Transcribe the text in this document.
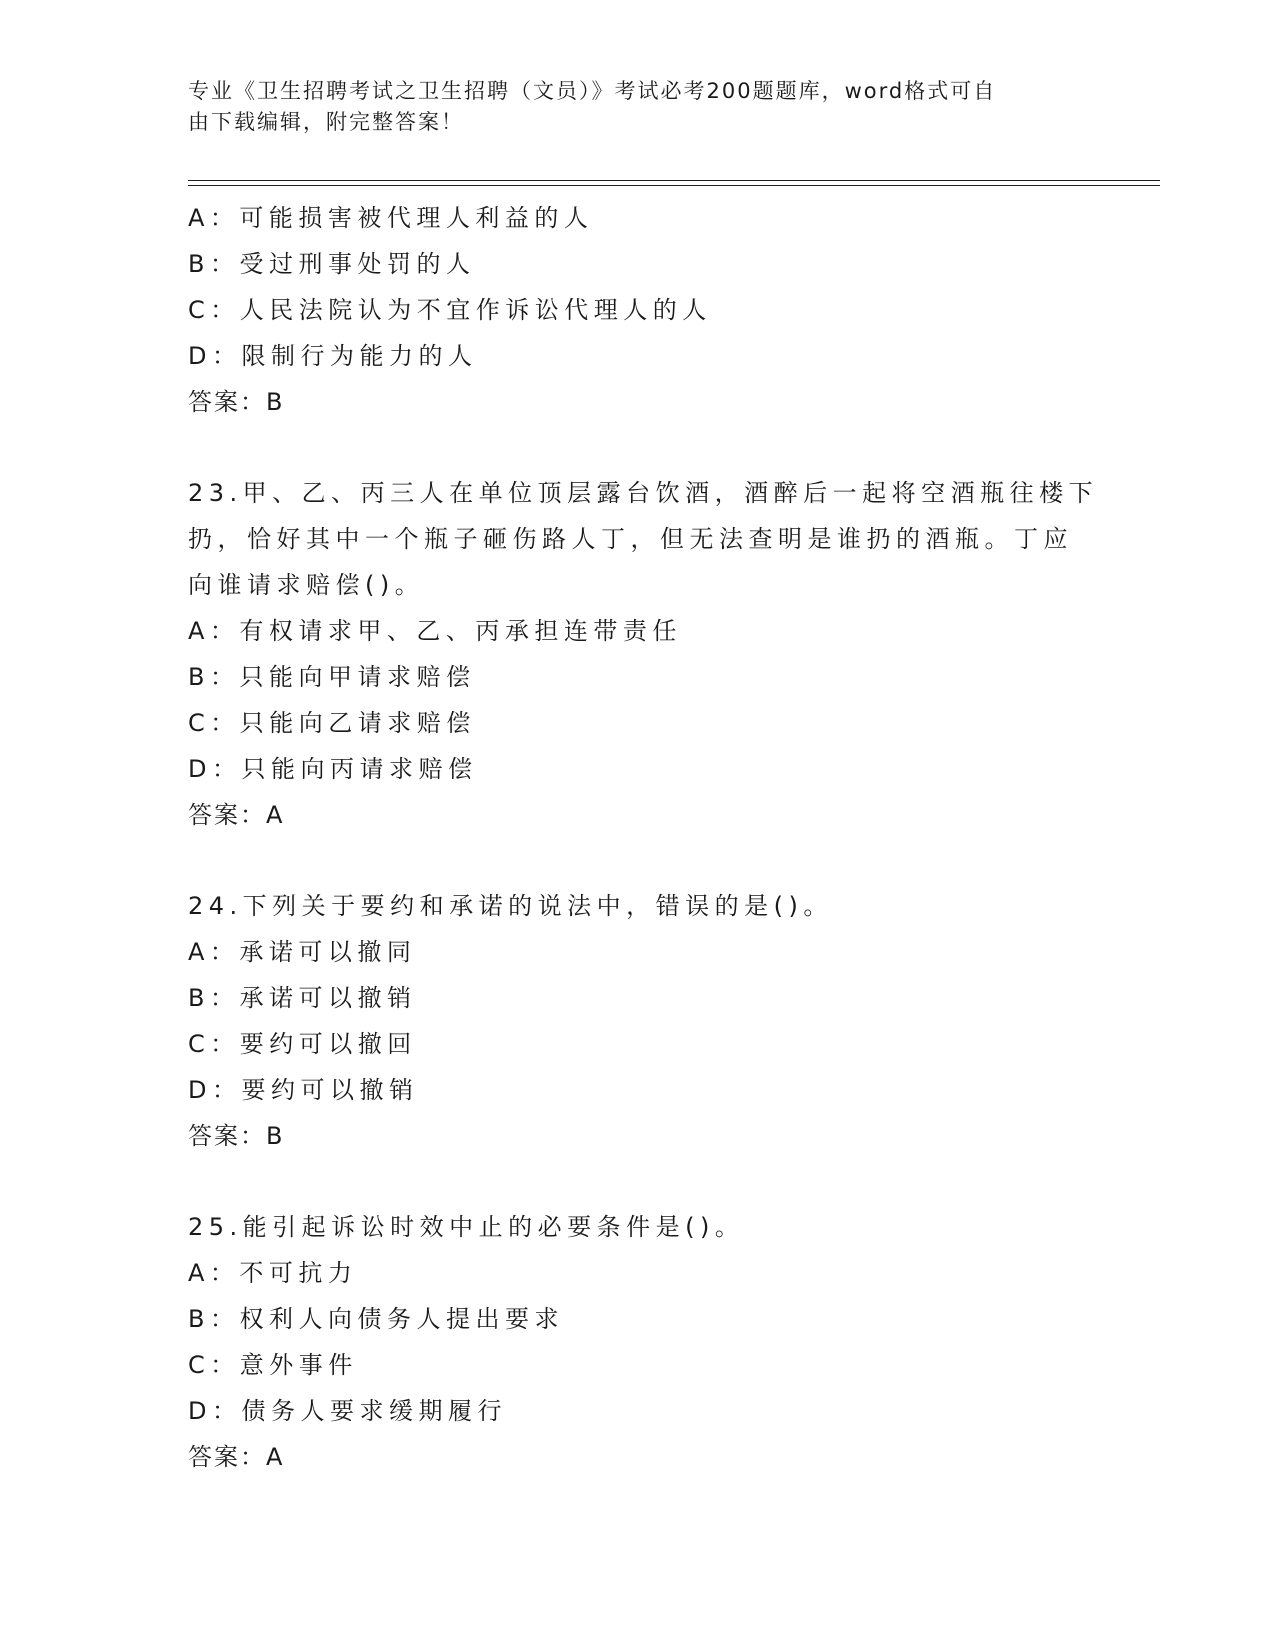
专业《卫生招聘考试之卫生招聘（文员）》考试必考200题题库，word格式可自
由下载编辑，附完整答案！
A：可能损害被代理人利益的人
B：受过刑事处罚的人
C：人民法院认为不宜作诉讼代理人的人
D：限制行为能力的人
答案：B
23.甲、乙、丙三人在单位顶层露台饮酒，酒醉后一起将空酒瓶往楼下
扔，恰好其中一个瓶子砸伤路人丁，但无法查明是谁扔的酒瓶。丁应
向谁请求赔偿()。
A：有权请求甲、乙、丙承担连带责任
B：只能向甲请求赔偿
C：只能向乙请求赔偿
D：只能向丙请求赔偿
答案：A
24.下列关于要约和承诺的说法中，错误的是()。
A：承诺可以撤同
B：承诺可以撤销
C：要约可以撤回
D：要约可以撤销
答案：B
25.能引起诉讼时效中止的必要条件是()。
A：不可抗力
B：权利人向债务人提出要求
C：意外事件
D：债务人要求缓期履行
答案：A
